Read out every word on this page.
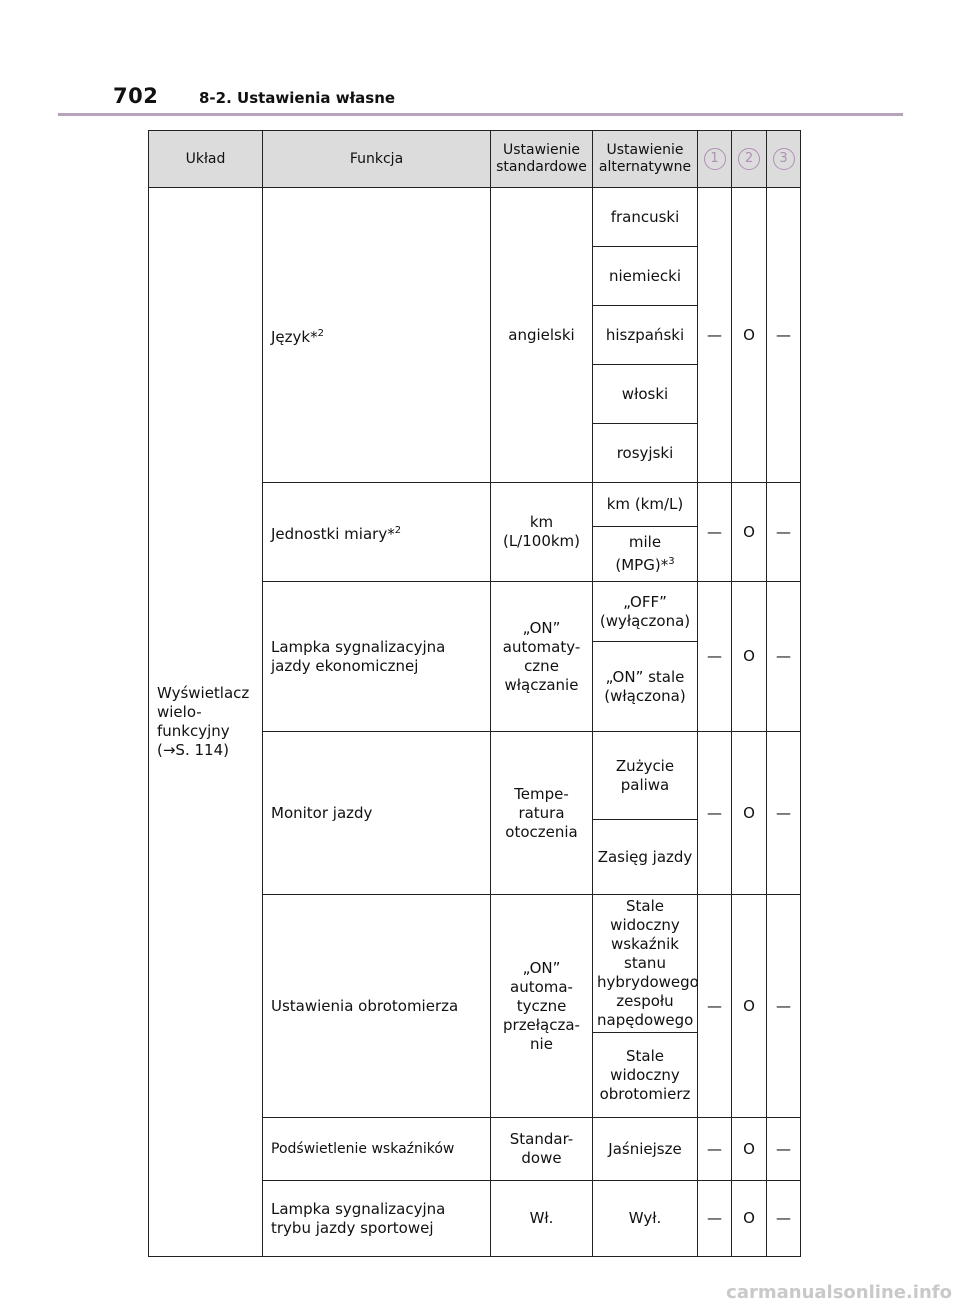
702	8-2. Ustawienia własne
Układ	Funkcja	Ustawienie standardowe	Ustawienie alternatywne	1	2	3
Wyświetlacz wielo- funkcyjny (→S. 114)	Język*$^2$	angielski	francuski	—	O	—
			niemiecki			
			hiszpański			
			włoski			
			rosyjski			
	Jednostki miary*$^2$	km (L/100km)	km (km/L)	—	O	—
			mile (MPG)*$^3$
	Lampka sygnalizacyjna jazdy ekonomicznej	„ON” automaty- czne włączanie	„OFF” (wyłączona)	—	O	—
			„ON” stale (włączona)			
	Monitor jazdy	Tempe- ratura otoczenia	Zużycie paliwa	—	O	—
			Zasięg jazdy			
	Ustawienia obrotomierza	„ON” automa- tyczne przełącza- nie	Stale widoczny wskaźnik stanu hybrydowego zespołu napędowego	—	O	—
			Stale widoczny obrotomierz			
	Podświetlenie wskaźników	Standar- dowe	Jaśniejsze	—	O	—
	Lampka sygnalizacyjna trybu jazdy sportowej	Wł.	Wył.	—	O	—
carmanualsonline.info
